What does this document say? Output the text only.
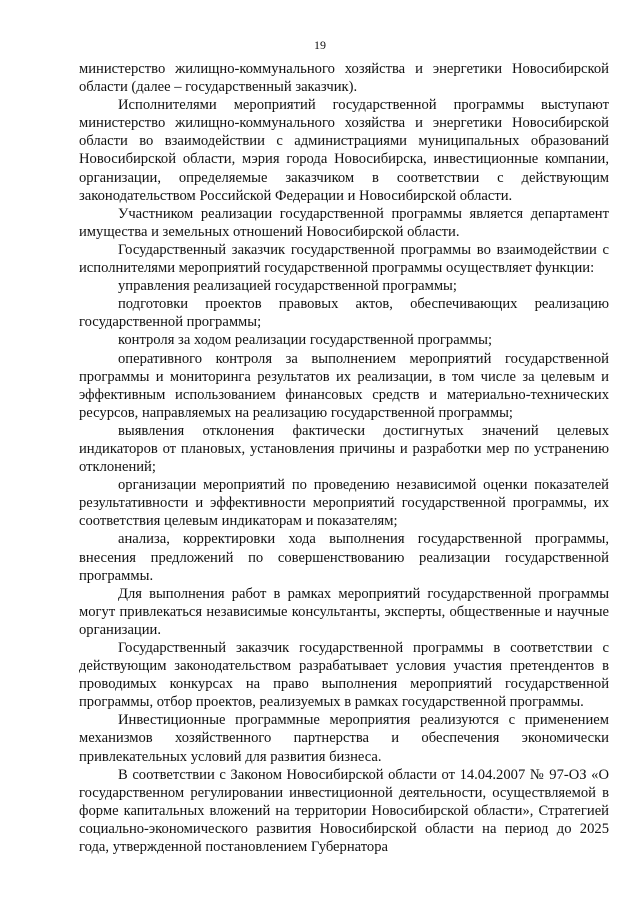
19

министерство жилищно-коммунального хозяйства и энергетики Новосибирской области (далее – государственный заказчик).

Исполнителями мероприятий государственной программы выступают министерство жилищно-коммунального хозяйства и энергетики Новосибирской области во взаимодействии с администрациями муниципальных образований Новосибирской области, мэрия города Новосибирска, инвестиционные компании, организации, определяемые заказчиком в соответствии с действующим законодательством Российской Федерации и Новосибирской области.

Участником реализации государственной программы является департамент имущества и земельных отношений Новосибирской области.

Государственный заказчик государственной программы во взаимодействии с исполнителями мероприятий государственной программы осуществляет функции:

управления реализацией государственной программы;

подготовки проектов правовых актов, обеспечивающих реализацию государственной программы;

контроля за ходом реализации государственной программы;

оперативного контроля за выполнением мероприятий государственной программы и мониторинга результатов их реализации, в том числе за целевым и эффективным использованием финансовых средств и материально-технических ресурсов, направляемых на реализацию государственной программы;

выявления отклонения фактически достигнутых значений целевых индикаторов от плановых, установления причины и разработки мер по устранению отклонений;

организации мероприятий по проведению независимой оценки показателей результативности и эффективности мероприятий государственной программы, их соответствия целевым индикаторам и показателям;

анализа, корректировки хода выполнения государственной программы, внесения предложений по совершенствованию реализации государственной программы.

Для выполнения работ в рамках мероприятий государственной программы могут привлекаться независимые консультанты, эксперты, общественные и научные организации.

Государственный заказчик государственной программы в соответствии с действующим законодательством разрабатывает условия участия претендентов в проводимых конкурсах на право выполнения мероприятий государственной программы, отбор проектов, реализуемых в рамках государственной программы.

Инвестиционные программные мероприятия реализуются с применением механизмов хозяйственного партнерства и обеспечения экономически привлекательных условий для развития бизнеса.

В соответствии с Законом Новосибирской области от 14.04.2007 № 97-ОЗ «О государственном регулировании инвестиционной деятельности, осуществляемой в форме капитальных вложений на территории Новосибирской области», Стратегией социально-экономического развития Новосибирской области на период до 2025 года, утвержденной постановлением Губернатора
